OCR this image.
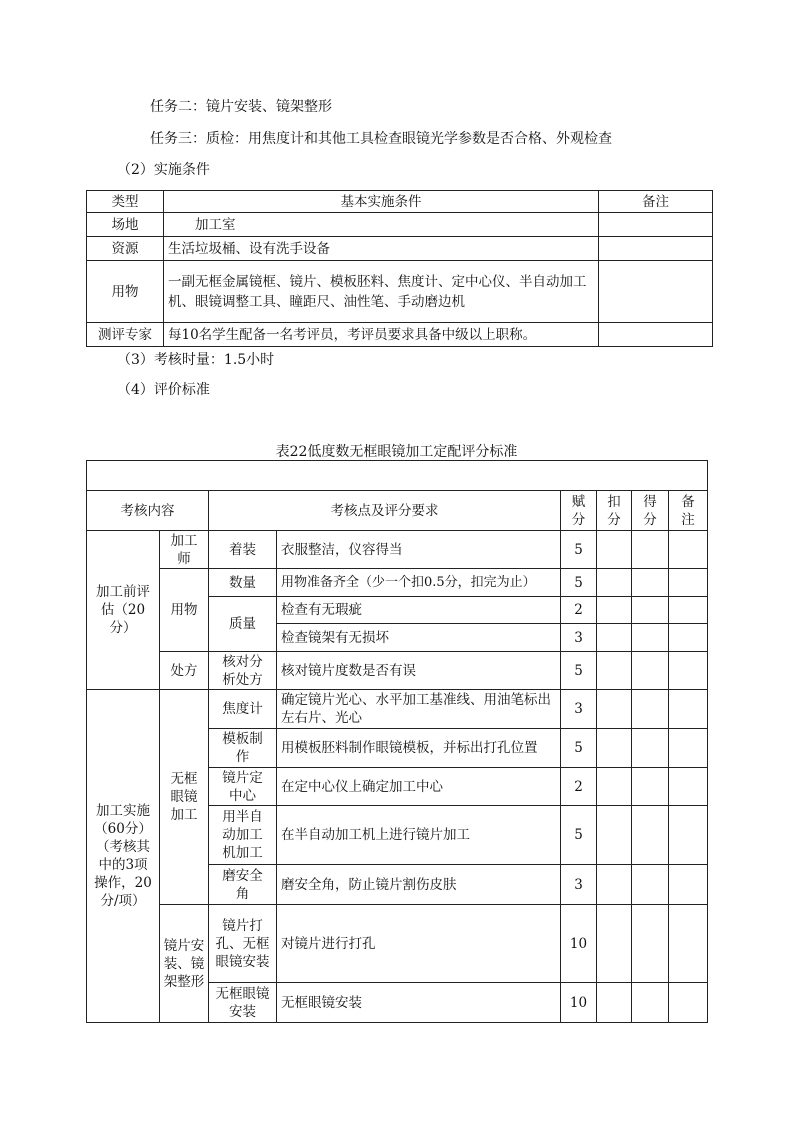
任务二：镜片安装、镜架整形
任务三：质检：用焦度计和其他工具检查眼镜光学参数是否合格、外观检查
（2）实施条件
类型	基本实施条件	备注
场地	　　加工室	
资源	生活垃圾桶、设有洗手设备	
用物	一副无框金属镜框、镜片、模板胚料、焦度计、定中心仪、半自动加工机、眼镜调整工具、瞳距尺、油性笔、手动磨边机	
测评专家	每10名学生配备一名考评员，考评员要求具备中级以上职称。	
（3）考核时量：1.5小时
（4）评价标准
表22低度数无框眼镜加工定配评分标准

考核内容		考核点及评分要求		赋分	扣分	得分	备注
加工前评估（20分）	加工师	着装	衣服整洁，仪容得当	5			
	用物	数量	用物准备齐全（少一个扣0.5分，扣完为止）	5			
		质量	检查有无瑕疵	2			
			检查镜架有无损坏	3			
	处方	核对分析处方	核对镜片度数是否有误	5			
加工实施（60分）（考核其中的3项操作，20分/项）	无框眼镜加工	焦度计	确定镜片光心、水平加工基准线、用油笔标出左右片、光心	3			
		模板制作	用模板胚料制作眼镜模板，并标出打孔位置	5			
		镜片定中心	在定中心仪上确定加工中心	2			
		用半自动加工机加工	在半自动加工机上进行镜片加工	5			
		磨安全角	磨安全角，防止镜片割伤皮肤	3			
	镜片安装、镜架整形	镜片打孔、无框眼镜安装	对镜片进行打孔	10			
		无框眼镜安装	无框眼镜安装	10			
